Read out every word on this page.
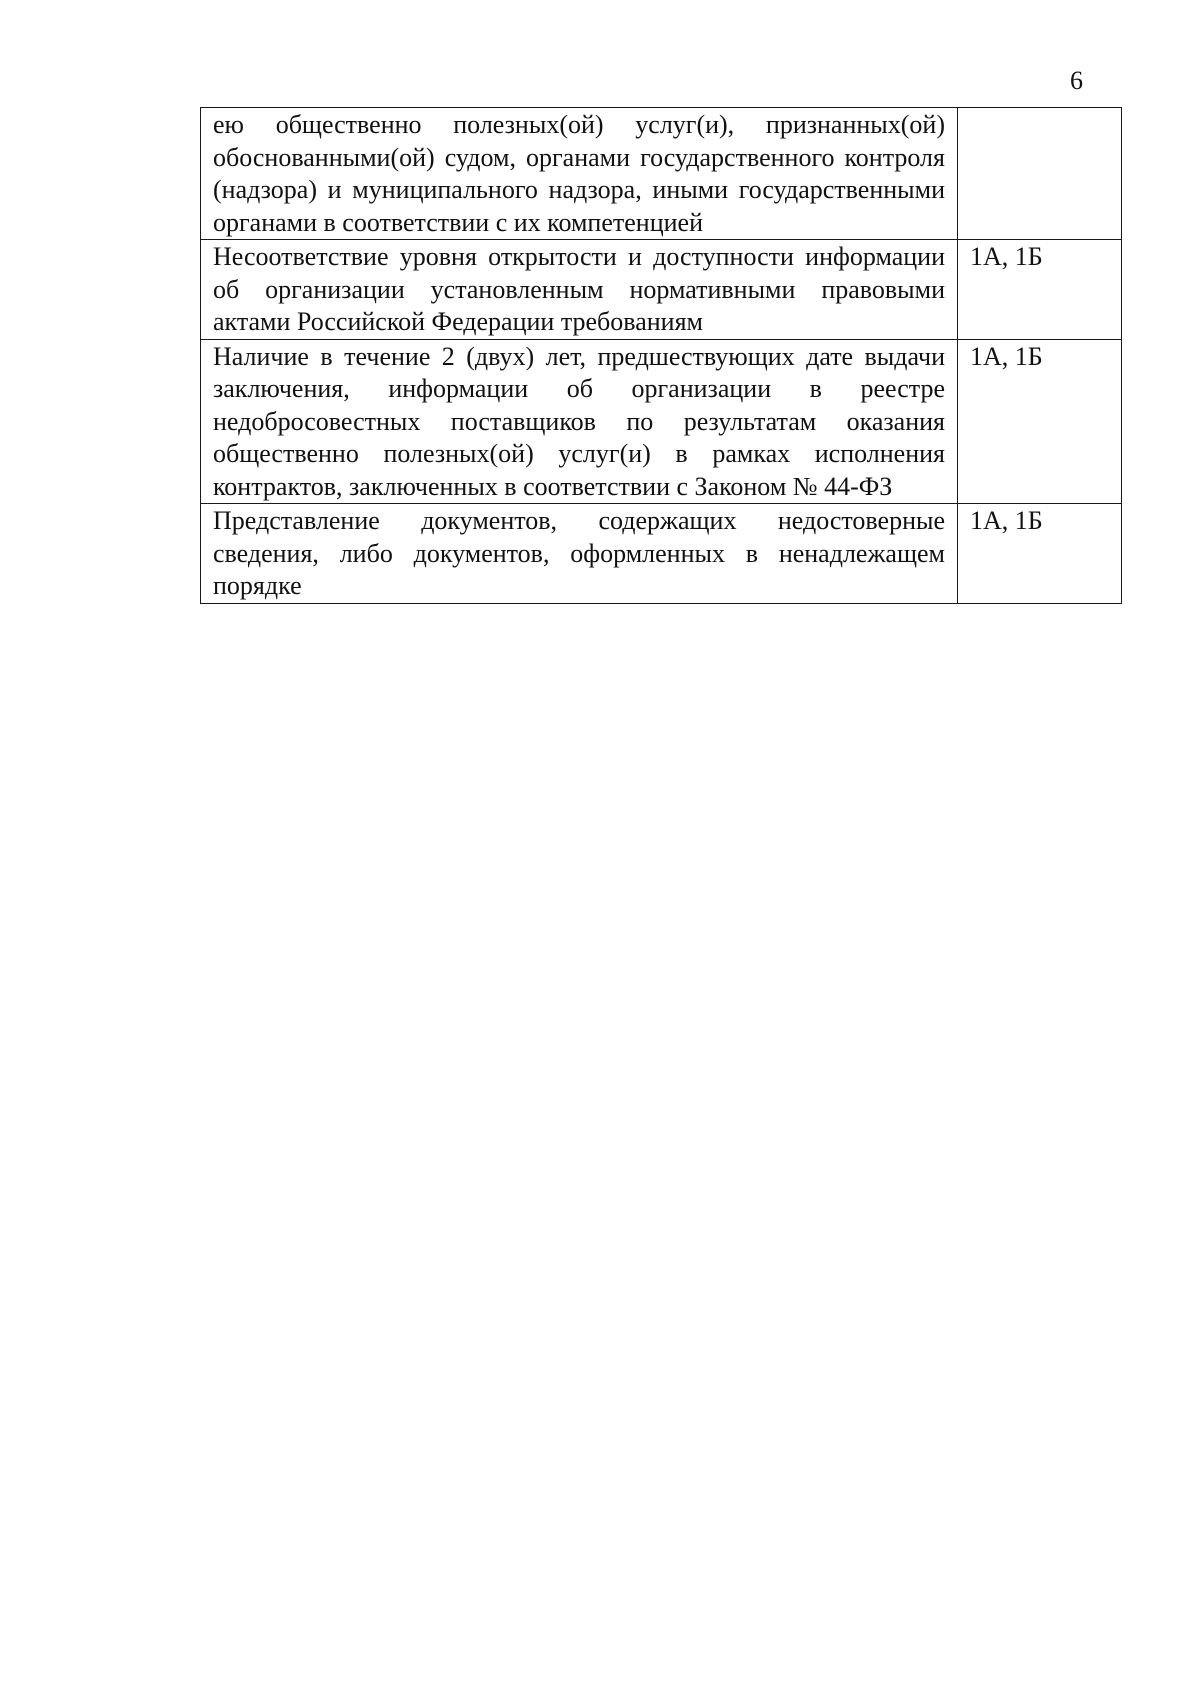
6
ею общественно полезных(ой) услуг(и), признанных(ой) обоснованными(ой) судом, органами государственного контроля (надзора) и муниципального надзора, иными государственными органами в соответствии с их компетенцией	
Несоответствие уровня открытости и доступности информации об организации установленным нормативными правовыми актами Российской Федерации требованиям	1А, 1Б
Наличие в течение 2 (двух) лет, предшествующих дате выдачи заключения, информации об организации в реестре недобросовестных поставщиков по результатам оказания общественно полезных(ой) услуг(и) в рамках исполнения контрактов, заключенных в соответствии с Законом № 44-ФЗ	1А, 1Б
Представление документов, содержащих недостоверные сведения, либо документов, оформленных в ненадлежащем порядке	1А, 1Б
